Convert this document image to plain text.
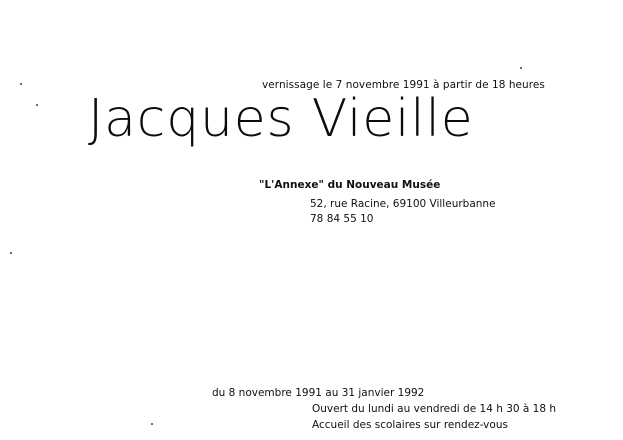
vernissage le 7 novembre 1991 à partir de 18 heures

Jacques Vieille

"L'Annexe" du Nouveau Musée

52, rue Racine, 69100 Villeurbanne

78 84 55 10

du 8 novembre 1991 au 31 janvier 1992

Ouvert du lundi au vendredi de 14 h 30 à 18 h

Accueil des scolaires sur rendez-vous
